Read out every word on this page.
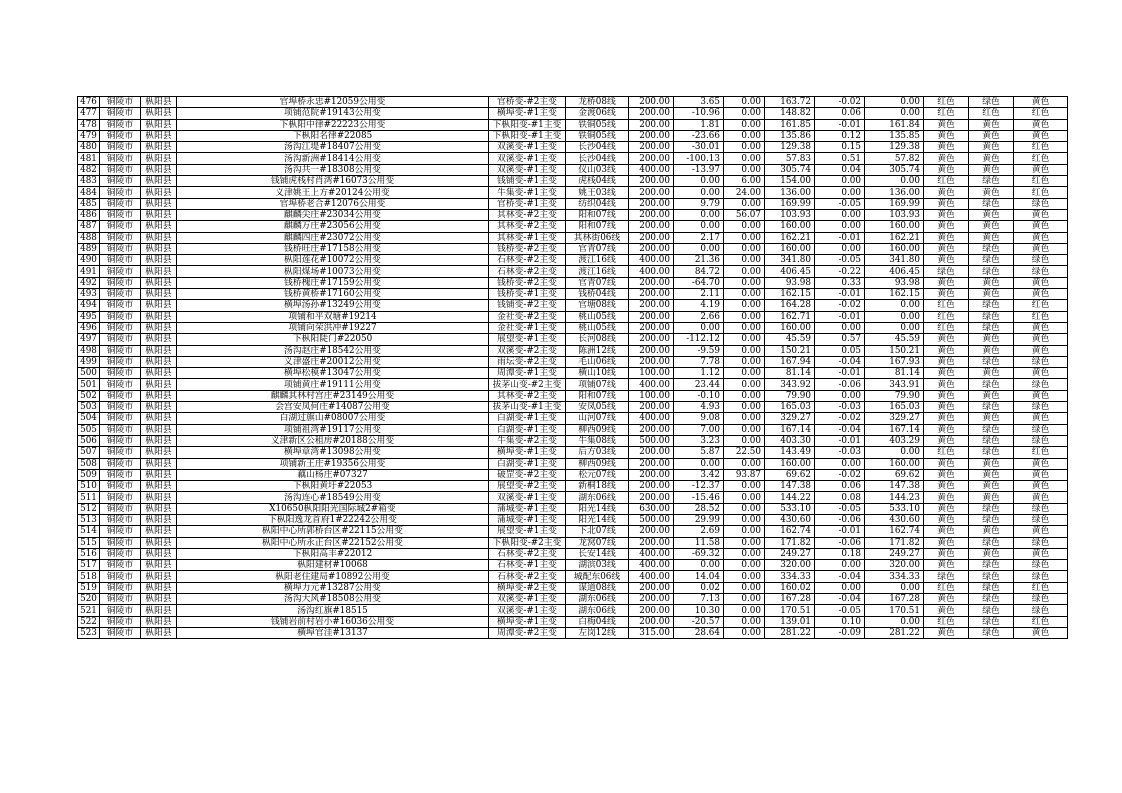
476	铜陵市	枞阳县	官埠桥永忠#12059公用变	官桥变-#2主变	龙桥08线	200.00	3.65	0.00	163.72	-0.02	0.00	红色	绿色	黄色
477	铜陵市	枞阳县	项铺范院#19143公用变	横埠变-#1主变	金渡06线	200.00	-10.96	0.00	148.82	0.06	0.00	红色	红色	红色
478	铜陵市	枞阳县	下枞阳中律#22223公用变	下枞阳变-#1主变	铁铜05线	200.00	1.81	0.00	161.85	-0.01	161.84	黄色	黄色	黄色
479	铜陵市	枞阳县	下枞阳名律#22085	下枞阳变-#1主变	铁铜05线	200.00	-23.66	0.00	135.86	0.12	135.85	黄色	黄色	黄色
480	铜陵市	枞阳县	汤沟江堤#18407公用变	双溪变-#1主变	长沙04线	200.00	-30.01	0.00	129.38	0.15	129.38	黄色	黄色	红色
481	铜陵市	枞阳县	汤沟新洲#18414公用变	双溪变-#1主变	长沙04线	200.00	-100.13	0.00	57.83	0.51	57.82	黄色	黄色	红色
482	铜陵市	枞阳县	汤沟共一#18308公用变	双溪变-#1主变	仪山03线	400.00	-13.97	0.00	305.74	0.04	305.74	黄色	黄色	黄色
483	铜陵市	枞阳县	钱铺虎栈村肖湾#16073公用变	钱铺变-#1主变	虎栈04线	200.00	0.00	6.00	154.00	0.00	0.00	红色	绿色	红色
484	铜陵市	枞阳县	义津姚王上方#20124公用变	牛集变-#1主变	姚王03线	200.00	0.00	24.00	136.00	0.00	136.00	黄色	黄色	红色
485	铜陵市	枞阳县	官埠桥老合#12076公用变	官桥变-#1主变	纺织04线	200.00	9.79	0.00	169.99	-0.05	169.99	黄色	绿色	绿色
486	铜陵市	枞阳县	麒麟尖庄#23034公用变	其林变-#2主变	阳和07线	200.00	0.00	56.07	103.93	0.00	103.93	黄色	黄色	黄色
487	铜陵市	枞阳县	麒麟万庄#23056公用变	其林变-#2主变	阳和07线	200.00	0.00	0.00	160.00	0.00	160.00	黄色	黄色	黄色
488	铜陵市	枞阳县	麒麟四庄#23072公用变	其林变-#1主变	其林街06线	200.00	2.17	0.00	162.21	-0.01	162.21	黄色	黄色	黄色
489	铜陵市	枞阳县	钱桥旺庄#17158公用变	钱桥变-#2主变	官青07线	200.00	0.00	0.00	160.00	0.00	160.00	黄色	绿色	黄色
490	铜陵市	枞阳县	枞阳莲花#10072公用变	石林变-#2主变	渡江16线	400.00	21.36	0.00	341.80	-0.05	341.80	黄色	绿色	绿色
491	铜陵市	枞阳县	枞阳煤场#10073公用变	石林变-#2主变	渡江16线	400.00	84.72	0.00	406.45	-0.22	406.45	绿色	绿色	绿色
492	铜陵市	枞阳县	钱桥槐庄#17159公用变	钱桥变-#2主变	官青07线	200.00	-64.70	0.00	93.98	0.33	93.98	黄色	黄色	黄色
493	铜陵市	枞阳县	钱桥黄桥#17160公用变	钱桥变-#1主变	钱桥04线	200.00	2.11	0.00	162.15	-0.01	162.15	黄色	黄色	黄色
494	铜陵市	枞阳县	横埠汤孙#13249公用变	钱铺变-#2主变	官塘08线	200.00	4.19	0.00	164.28	-0.02	0.00	红色	绿色	红色
495	铜陵市	枞阳县	项铺和平双塘#19214	金社变-#2主变	桃山05线	200.00	2.66	0.00	162.71	-0.01	0.00	红色	绿色	红色
496	铜陵市	枞阳县	项铺向荣洪冲#19227	金社变-#1主变	桃山05线	200.00	0.00	0.00	160.00	0.00	0.00	红色	绿色	黄色
497	铜陵市	枞阳县	下枞阳陡门#22050	展望变-#1主变	长河08线	200.00	-112.12	0.00	45.59	0.57	45.59	黄色	黄色	黄色
498	铜陵市	枞阳县	汤沟赵庄#18542公用变	双溪变-#2主变	陈洲12线	200.00	-9.59	0.00	150.21	0.05	150.21	黄色	黄色	黄色
499	铜陵市	枞阳县	义津盛庄#20012公用变	雨坛变-#2主变	毛山06线	200.00	7.78	0.00	167.94	-0.04	167.93	黄色	绿色	绿色
500	铜陵市	枞阳县	横埠松模#13047公用变	周潭变-#1主变	横山10线	100.00	1.12	0.00	81.14	-0.01	81.14	黄色	黄色	黄色
501	铜陵市	枞阳县	项铺黄庄#19111公用变	拔茅山变-#2主变	项铺07线	400.00	23.44	0.00	343.92	-0.06	343.91	黄色	绿色	绿色
502	铜陵市	枞阳县	麒麟其林村宫庄#23149公用变	其林变-#2主变	阳和07线	100.00	-0.10	0.00	79.90	0.00	79.90	黄色	黄色	黄色
503	铜陵市	枞阳县	会宫安凤何庄#14087公用变	拔茅山变-#1主变	安凤05线	200.00	4.93	0.00	165.03	-0.03	165.03	黄色	绿色	绿色
504	铜陵市	枞阳县	白湖过旗山#08007公用变	白湖变-#1主变	山河07线	400.00	9.08	0.00	329.27	-0.02	329.27	黄色	黄色	黄色
505	铜陵市	枞阳县	项铺祖湾#19117公用变	白湖变-#1主变	柳西09线	200.00	7.00	0.00	167.14	-0.04	167.14	黄色	绿色	绿色
506	铜陵市	枞阳县	义津新区公租房#20188公用变	牛集变-#2主变	牛集08线	500.00	3.23	0.00	403.30	-0.01	403.29	黄色	绿色	绿色
507	铜陵市	枞阳县	横埠章湾#13098公用变	横埠变-#1主变	后方03线	200.00	5.87	22.50	143.49	-0.03	0.00	红色	绿色	红色
508	铜陵市	枞阳县	项铺新王庄#19356公用变	白湖变-#1主变	柳西09线	200.00	0.00	0.00	160.00	0.00	160.00	黄色	黄色	黄色
509	铜陵市	枞阳县	藕山杨庄#07327	破罡变-#2主变	松元07线	200.00	3.42	93.87	69.62	-0.02	69.62	黄色	黄色	黄色
510	铜陵市	枞阳县	下枞阳黄圩#22053	展望变-#2主变	新桐18线	200.00	-12.37	0.00	147.38	0.06	147.38	黄色	黄色	黄色
511	铜陵市	枞阳县	汤沟连心#18549公用变	双溪变-#1主变	湖东06线	200.00	-15.46	0.00	144.22	0.08	144.23	黄色	黄色	黄色
512	铜陵市	枞阳县	X10650枞阳阳光国际城2#箱变	蒲城变-#1主变	阳光14线	630.00	28.52	0.00	533.10	-0.05	533.10	黄色	绿色	绿色
513	铜陵市	枞阳县	下枞阳逸龙首府1#22242公用变	蒲城变-#1主变	阳光14线	500.00	29.99	0.00	430.60	-0.06	430.60	黄色	绿色	绿色
514	铜陵市	枞阳县	枞阳中心所郭桥台区#22115公用变	展望变-#1主变	下北07线	200.00	2.69	0.00	162.74	-0.01	162.74	黄色	黄色	黄色
515	铜陵市	枞阳县	枞阳中心所永正台区#22152公用变	下枞阳变-#2主变	龙窝07线	200.00	11.58	0.00	171.82	-0.06	171.82	黄色	绿色	绿色
516	铜陵市	枞阳县	下枞阳高丰#22012	石林变-#2主变	长安14线	400.00	-69.32	0.00	249.27	0.18	249.27	黄色	黄色	黄色
517	铜陵市	枞阳县	枞阳建材#10068	石林变-#1主变	湖滨03线	400.00	0.00	0.00	320.00	0.00	320.00	黄色	绿色	绿色
518	铜陵市	枞阳县	枞阳老住建局#10892公用变	石林变-#2主变	城配东06线	400.00	14.04	0.00	334.33	-0.04	334.33	绿色	绿色	绿色
519	铜陵市	枞阳县	横埠力元#13287公用变	横埠变-#2主变	谋道08线	200.00	0.02	0.00	160.02	0.00	0.00	红色	绿色	红色
520	铜陵市	枞阳县	汤沟大风#18508公用变	双溪变-#1主变	湖东06线	200.00	7.13	0.00	167.28	-0.04	167.28	黄色	绿色	绿色
521	铜陵市	枞阳县	汤沟红旗#18515	双溪变-#1主变	湖东06线	200.00	10.30	0.00	170.51	-0.05	170.51	黄色	绿色	绿色
522	铜陵市	枞阳县	钱铺岩前村岩小#16036公用变	横埠变-#1主变	白梅04线	200.00	-20.57	0.00	139.01	0.10	0.00	红色	绿色	红色
523	铜陵市	枞阳县	横埠官洼#13137	周潭变-#2主变	左岗12线	315.00	28.64	0.00	281.22	-0.09	281.22	黄色	绿色	黄色
